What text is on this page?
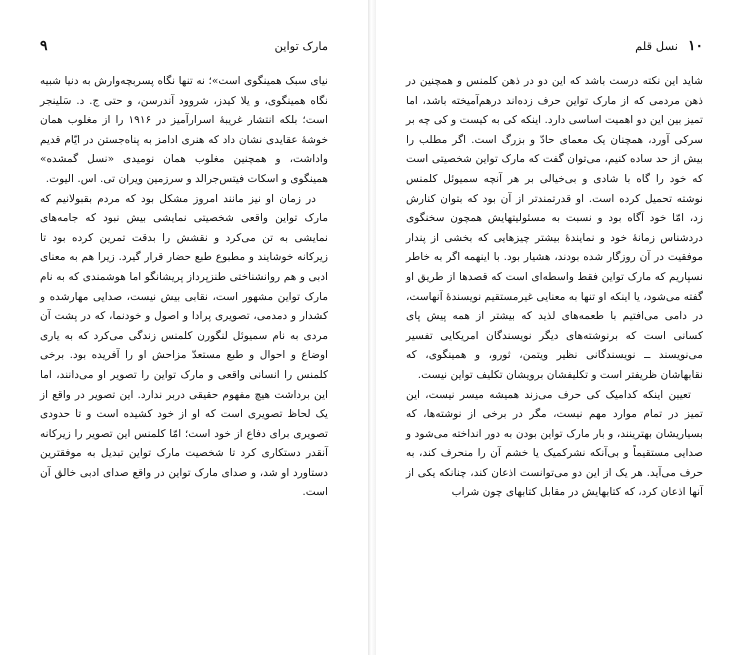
مارک تواین
۹

نیای سبک همینگوی است»؛ نه تنها نگاه پسربچه‌وارش به دنیا شبیه نگاه همینگوی، و یلا کیدز، شروود آندرسن، و حتی ج. د. سَلینجر است؛ بلکه انتشار غریبهٔ اسرارآمیز در ۱۹۱۶ را از مغلوب همان خوشهٔ عقایدی نشان داد که هنری ادامز به پناه‌جستن در ایّام قدیم واداشت، و همچنین مغلوب همان نومیدی «نسل گمشده» همینگوی و اسکات فیتس‌جرالد و سرزمین ویران تی. اس. الیوت.

در زمان او نیز مانند امروز مشکل بود که مردم بقبولانیم که مارک تواین واقعی شخصیتی نمایشی بیش نبود که جامه‌های نمایشی به تن می‌کرد و نقشش را بدقت تمرین کرده بود تا زیرکانه خوشایند و مطبوع طبع حضار قرار گیرد. زیرا هم به معنای ادبی و هم روانشناختی طنزپرداز پریشانگو اما هوشمندی که به نام مارک تواین مشهور است، نقابی بیش نیست، صدایی مهارشده و کشدار و دمدمی، تصویری پرادا و اصول و خودنما، که در پشت آن مردی به نام سمیوئل لنگورن کلمنس زندگی می‌کرد که به یاری اوضاع و احوال و طبع مستعدّ مزاحش او را آفریده بود. برخی کلمنس را انسانی واقعی و مارک تواین را تصویر او می‌دانند، اما این برداشت هیچ مفهوم حقیقی دربر ندارد. این تصویر در واقع از یک لحاظ تصویری است که او از خود کشیده است و تا حدودی تصویری برای دفاع از خود است؛ امّا کلمنس این تصویر را زیرکانه آنقدر دستکاری کرد تا شخصیت مارک تواین تبدیل به موفقترین دستاورد او شد، و صدای مارک تواین در واقع صدای ادبی خالق آن است.

۱۰
نسل قلم

شاید این نکته درست باشد که این دو در ذهن کلمنس و همچنین در ذهن مردمی که از مارک تواین حرف زده‌اند درهم‌آمیخته باشد، اما تمیز بین این دو اهمیت اساسی دارد. اینکه کی به کیست و کی چه بر سرکی آورد، همچنان یک معمای حادّ و بزرگ است. اگر مطلب را بیش از حد ساده کنیم، می‌توان گفت که مارک تواین شخصیتی است که خود را گاه با شادی و بی‌خیالی بر هر آنچه سمیوئل کلمنس نوشته تحمیل کرده است. او قدرتمندتر از آن بود که بتوان کنارش زد، امّا خود آگاه بود و نسبت به مسئولیتهایش همچون سخنگوی دردشناس زمانهٔ خود و نمایندهٔ بیشتر چیزهایی که بخشی از پندار موفقیت در آن روزگار شده بودند، هشیار بود. با اینهمه اگر به خاطر نسپاریم که مارک تواین فقط واسطه‌ای است که قصدها از طریق او گفته می‌شود، یا اینکه او تنها به معنایی غیرمستقیم نویسندهٔ آنهاست، در دامی می‌افتیم با طعمه‌های لذید که بیشتر از همه پیش پای کسانی است که برنوشته‌های دیگر نویسندگان امریکایی تفسیر می‌نویسند ــ نویسندگانی نظیر ویتمن، ثورو، و همینگوی، که نقابهاشان ظریفتر است و تکلیفشان برویشان تکلیف تواین نیست.

تعیین اینکه کدامیک کی حرف می‌زند همیشه میسر نیست، این تمیز در تمام موارد مهم نیست، مگر در برخی از نوشته‌ها، که بسیاریشان بهترینند، و بار مارک تواین بودن به دور انداخته می‌شود و صدایی مستقیماً و بی‌آنکه نشرکمیک یا خشم آن را منحرف کند، به حرف می‌آید. هر یک از این دو می‌توانست اذعان کند، چنانکه یکی از آنها اذعان کرد، که کتابهایش در مقابل کتابهای چون شراب
